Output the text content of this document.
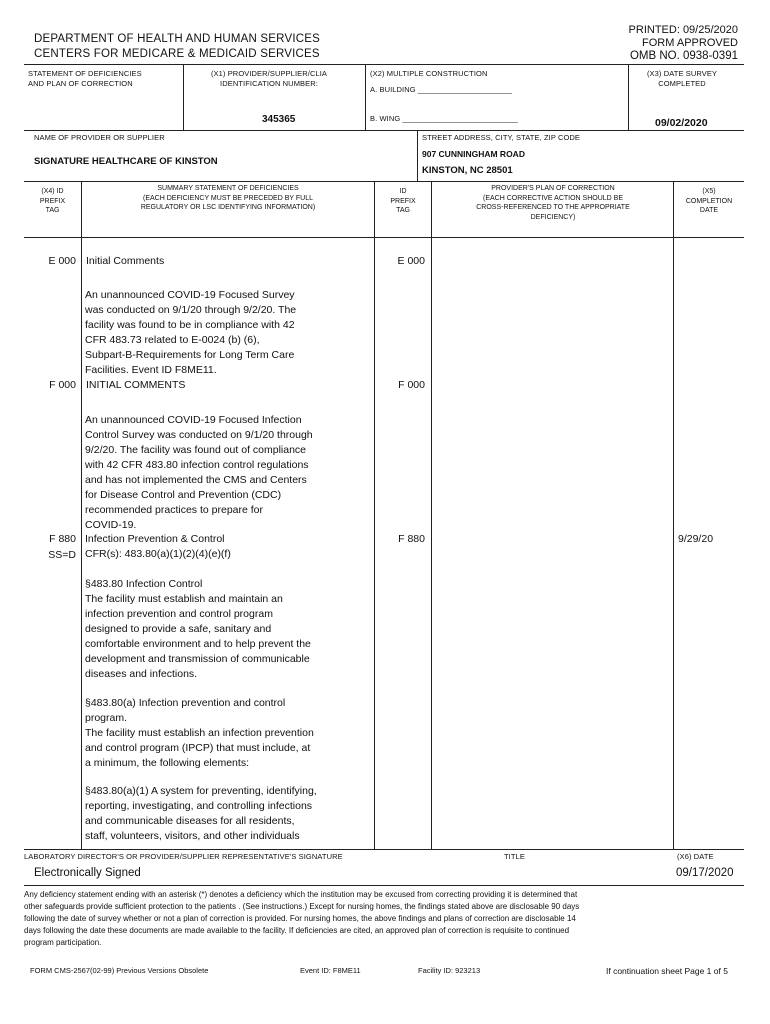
DEPARTMENT OF HEALTH AND HUMAN SERVICES
CENTERS FOR MEDICARE & MEDICAID SERVICES
PRINTED: 09/25/2020
FORM APPROVED
OMB NO. 0938-0391
STATEMENT OF DEFICIENCIES
AND PLAN OF CORRECTION
(X1) PROVIDER/SUPPLIER/CLIA
IDENTIFICATION NUMBER:
345365
(X2) MULTIPLE CONSTRUCTION
A. BUILDING ______________________
B. WING ___________________________
(X3) DATE SURVEY
COMPLETED
09/02/2020
NAME OF PROVIDER OR SUPPLIER
SIGNATURE HEALTHCARE OF KINSTON
STREET ADDRESS, CITY, STATE, ZIP CODE
907 CUNNINGHAM ROAD
KINSTON, NC 28501
(X4) ID
PREFIX
TAG
SUMMARY STATEMENT OF DEFICIENCIES
(EACH DEFICIENCY MUST BE PRECEDED BY FULL
REGULATORY OR LSC IDENTIFYING INFORMATION)
ID
PREFIX
TAG
PROVIDER'S PLAN OF CORRECTION
(EACH CORRECTIVE ACTION SHOULD BE
CROSS-REFERENCED TO THE APPROPRIATE
DEFICIENCY)
(X5)
COMPLETION
DATE
E 000 Initial Comments	E 000
An unannounced COVID-19 Focused Survey
was conducted on 9/1/20 through 9/2/20. The
facility was found to be in compliance with 42
CFR 483.73 related to E-0024 (b) (6),
Subpart-B-Requirements for Long Term Care
Facilities. Event ID F8ME11.
F 000 INITIAL COMMENTS	F 000
An unannounced COVID-19 Focused Infection
Control Survey was conducted on 9/1/20 through
9/2/20. The facility was found out of compliance
with 42 CFR 483.80 infection control regulations
and has not implemented the CMS and Centers
for Disease Control and Prevention (CDC)
recommended practices to prepare for
COVID-19.
F 880
SS=D
Infection Prevention & Control
CFR(s): 483.80(a)(1)(2)(4)(e)(f)
F 880	9/29/20
§483.80 Infection Control
The facility must establish and maintain an
infection prevention and control program
designed to provide a safe, sanitary and
comfortable environment and to help prevent the
development and transmission of communicable
diseases and infections.
§483.80(a) Infection prevention and control
program.
The facility must establish an infection prevention
and control program (IPCP) that must include, at
a minimum, the following elements:
§483.80(a)(1) A system for preventing, identifying,
reporting, investigating, and controlling infections
and communicable diseases for all residents,
staff, volunteers, visitors, and other individuals
LABORATORY DIRECTOR'S OR PROVIDER/SUPPLIER REPRESENTATIVE'S SIGNATURE
Electronically Signed
TITLE	(X6) DATE
09/17/2020
Any deficiency statement ending with an asterisk (*) denotes a deficiency which the institution may be excused from correcting providing it is determined that
other safeguards provide sufficient protection to the patients . (See instructions.) Except for nursing homes, the findings stated above are disclosable 90 days
following the date of survey whether or not a plan of correction is provided. For nursing homes, the above findings and plans of correction are disclosable 14
days following the date these documents are made available to the facility. If deficiencies are cited, an approved plan of correction is requisite to continued
program participation.
FORM CMS-2567(02-99) Previous Versions Obsolete	Event ID: F8ME11	Facility ID: 923213	If continuation sheet Page 1 of 5
